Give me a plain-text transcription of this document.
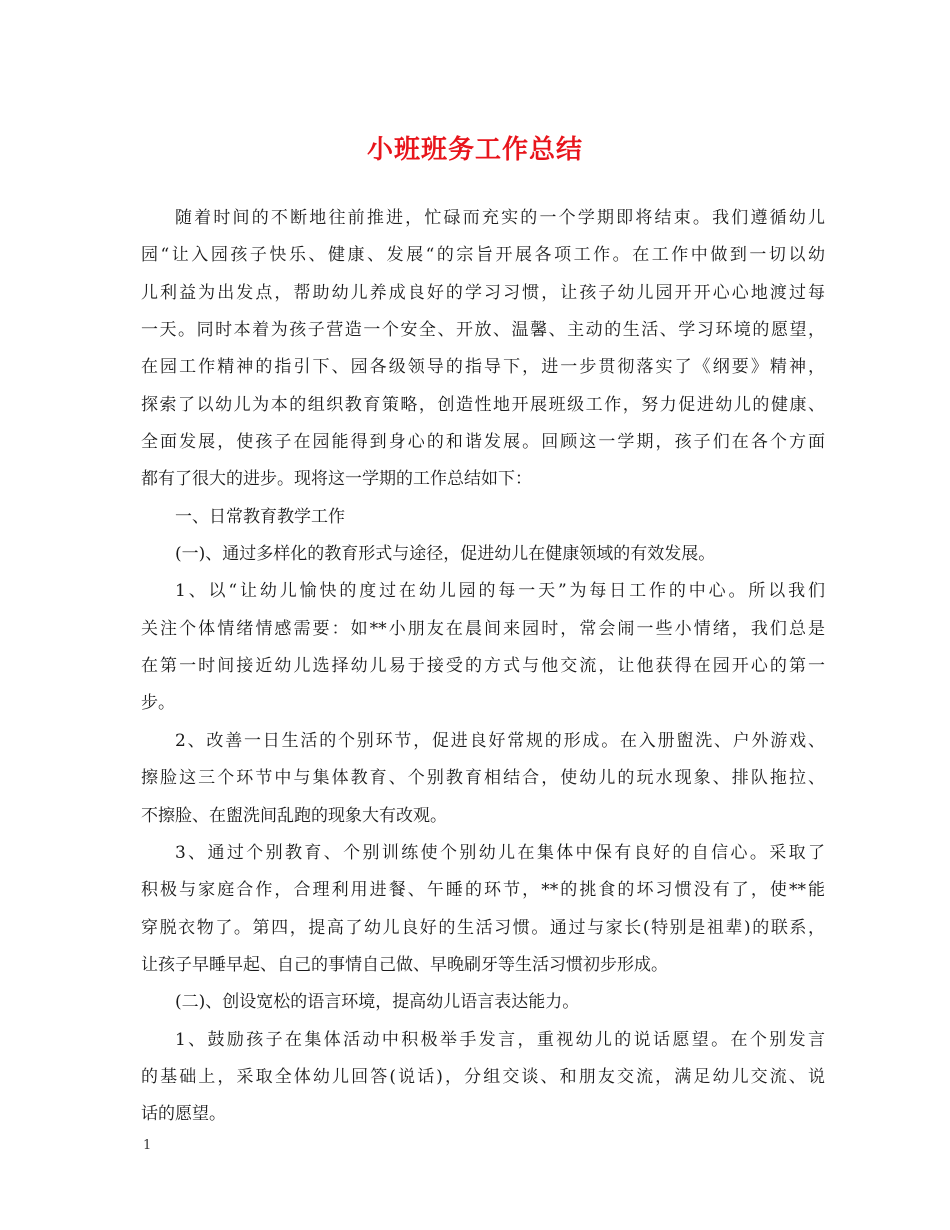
小班班务工作总结
随着时间的不断地往前推进，忙碌而充实的一个学期即将结束。我们遵循幼儿
园“让入园孩子快乐、健康、发展“的宗旨开展各项工作。在工作中做到一切以幼
儿利益为出发点，帮助幼儿养成良好的学习习惯，让孩子幼儿园开开心心地渡过每
一天。同时本着为孩子营造一个安全、开放、温馨、主动的生活、学习环境的愿望，
在园工作精神的指引下、园各级领导的指导下，进一步贯彻落实了《纲要》精神，
探索了以幼儿为本的组织教育策略，创造性地开展班级工作，努力促进幼儿的健康、
全面发展，使孩子在园能得到身心的和谐发展。回顾这一学期，孩子们在各个方面
都有了很大的进步。现将这一学期的工作总结如下：
一、日常教育教学工作
(一)、通过多样化的教育形式与途径，促进幼儿在健康领域的有效发展。
1、以“让幼儿愉快的度过在幼儿园的每一天”为每日工作的中心。所以我们
关注个体情绪情感需要：如**小朋友在晨间来园时，常会闹一些小情绪，我们总是
在第一时间接近幼儿选择幼儿易于接受的方式与他交流，让他获得在园开心的第一
步。
2、改善一日生活的个别环节，促进良好常规的形成。在入册盥洗、户外游戏、
擦脸这三个环节中与集体教育、个别教育相结合，使幼儿的玩水现象、排队拖拉、
不擦脸、在盥洗间乱跑的现象大有改观。
3、通过个别教育、个别训练使个别幼儿在集体中保有良好的自信心。采取了
积极与家庭合作，合理利用进餐、午睡的环节，**的挑食的坏习惯没有了，使**能
穿脱衣物了。第四，提高了幼儿良好的生活习惯。通过与家长(特别是祖辈)的联系，
让孩子早睡早起、自己的事情自己做、早晚刷牙等生活习惯初步形成。
(二)、创设宽松的语言环境，提高幼儿语言表达能力。
1、鼓励孩子在集体活动中积极举手发言，重视幼儿的说话愿望。在个别发言
的基础上，采取全体幼儿回答(说话)，分组交谈、和朋友交流，满足幼儿交流、说
话的愿望。
1
